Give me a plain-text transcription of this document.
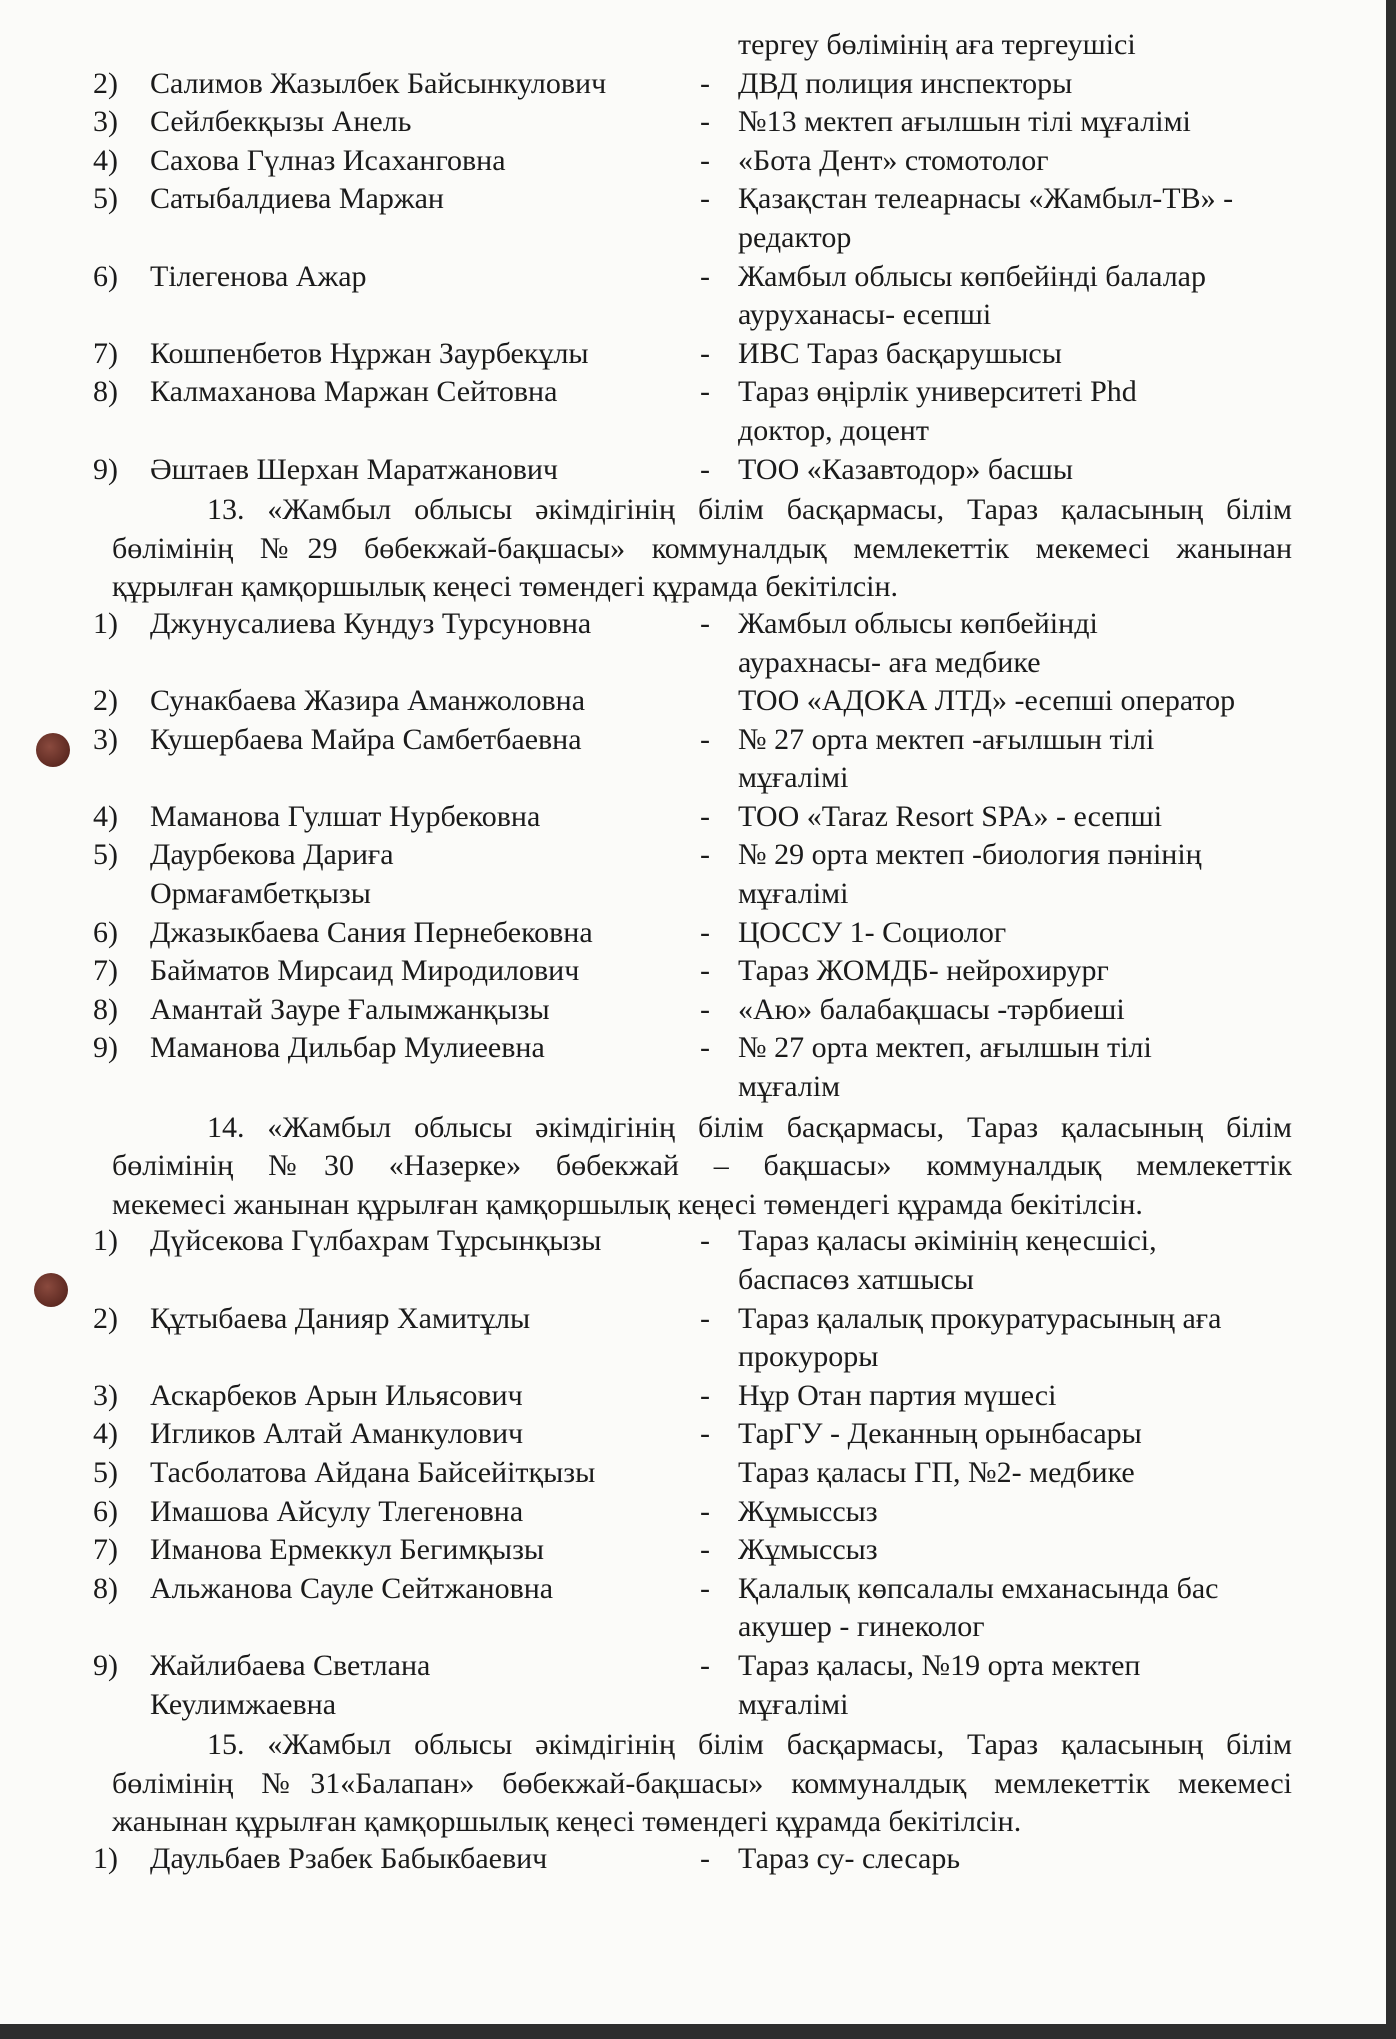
тергеу бөлімінің аға тергеушісі
2) Салимов Жазылбек Байсынкулович	- ДВД полиция инспекторы
3) Сейлбекқызы Анель	- №13 мектеп ағылшын тілі мұғалімі
4) Сахова Гүлназ Исаханговна	- «Бота Дент» стомотолог
5) Сатыбалдиева Маржан	- Қазақстан телеарнасы «Жамбыл-ТВ» -
редактор
6) Тілегенова Ажар	- Жамбыл облысы көпбейінді балалар
ауруханасы- есепші
7) Кошпенбетов Нұржан Заурбекұлы	- ИВС Тараз басқарушысы
8) Калмаханова Маржан Сейтовна	- Тараз өңірлік университеті Phd
доктор, доцент
9) Әштаев Шерхан Маратжанович	- ТОО «Казавтодор» басшы
13. «Жамбыл облысы әкімдігінің білім басқармасы, Тараз қаласының білім
бөлімінің №29 бөбекжай-бақшасы» коммуналдық мемлекеттік мекемесі жанынан
құрылған қамқоршылық кеңесі төмендегі құрамда бекітілсін.
1) Джунусалиева Кундуз Турсуновна	- Жамбыл облысы көпбейінді
аурахнасы- аға медбике
2) Сунакбаева Жазира Аманжоловна	ТОО «АДОКА ЛТД» -есепші оператор
3) Кушербаева Майра Самбетбаевна	- № 27 орта мектеп -ағылшын тілі
мұғалімі
4) Маманова Гулшат Нурбековна	- ТОО «Taraz Resort SPA» - есепші
5) Даурбекова Дариға	- № 29 орта мектеп -биология пәнінің
Ормағамбетқызы	мұғалімі
6) Джазыкбаева Сания Пернебековна	- ЦОССУ 1- Социолог
7) Байматов Мирсаид Миродилович	- Тараз ЖОМДБ- нейрохирург
8) Амантай Зауре Ғалымжанқызы	- «Аю» балабақшасы -тәрбиеші
9) Маманова Дильбар Мулиеевна	- № 27 орта мектеп, ағылшын тілі
мұғалім
14. «Жамбыл облысы әкімдігінің білім басқармасы, Тараз қаласының білім
бөлімінің №30 «Назерке» бөбекжай – бақшасы» коммуналдық мемлекеттік
мекемесі жанынан құрылған қамқоршылық кеңесі төмендегі құрамда бекітілсін.
1) Дүйсекова Гүлбахрам Тұрсынқызы	- Тараз қаласы әкімінің кеңесшісі,
баспасөз хатшысы
2) Құтыбаева Данияр Хамитұлы	- Тараз қалалық прокуратурасының аға
прокуроры
3) Аскарбеков Арын Ильясович	- Нұр Отан партия мүшесі
4) Игликов Алтай Аманкулович	- ТарГУ - Деканның орынбасары
5) Тасболатова Айдана Байсейітқызы	Тараз қаласы ГП, №2- медбике
6) Имашова Айсулу Тлегеновна	- Жұмыссыз
7) Иманова Ермеккул Бегимқызы	- Жұмыссыз
8) Альжанова Сауле Сейтжановна	- Қалалық көпсалалы емханасында бас
акушер - гинеколог
9) Жайлибаева Светлана	- Тараз қаласы, №19 орта мектеп
Кеулимжаевна	мұғалімі
15. «Жамбыл облысы әкімдігінің білім басқармасы, Тараз қаласының білім
бөлімінің №31«Балапан» бөбекжай-бақшасы» коммуналдық мемлекеттік мекемесі
жанынан құрылған қамқоршылық кеңесі төмендегі құрамда бекітілсін.
1) Даульбаев Рзабек Бабыкбаевич	- Тараз су- слесарь
